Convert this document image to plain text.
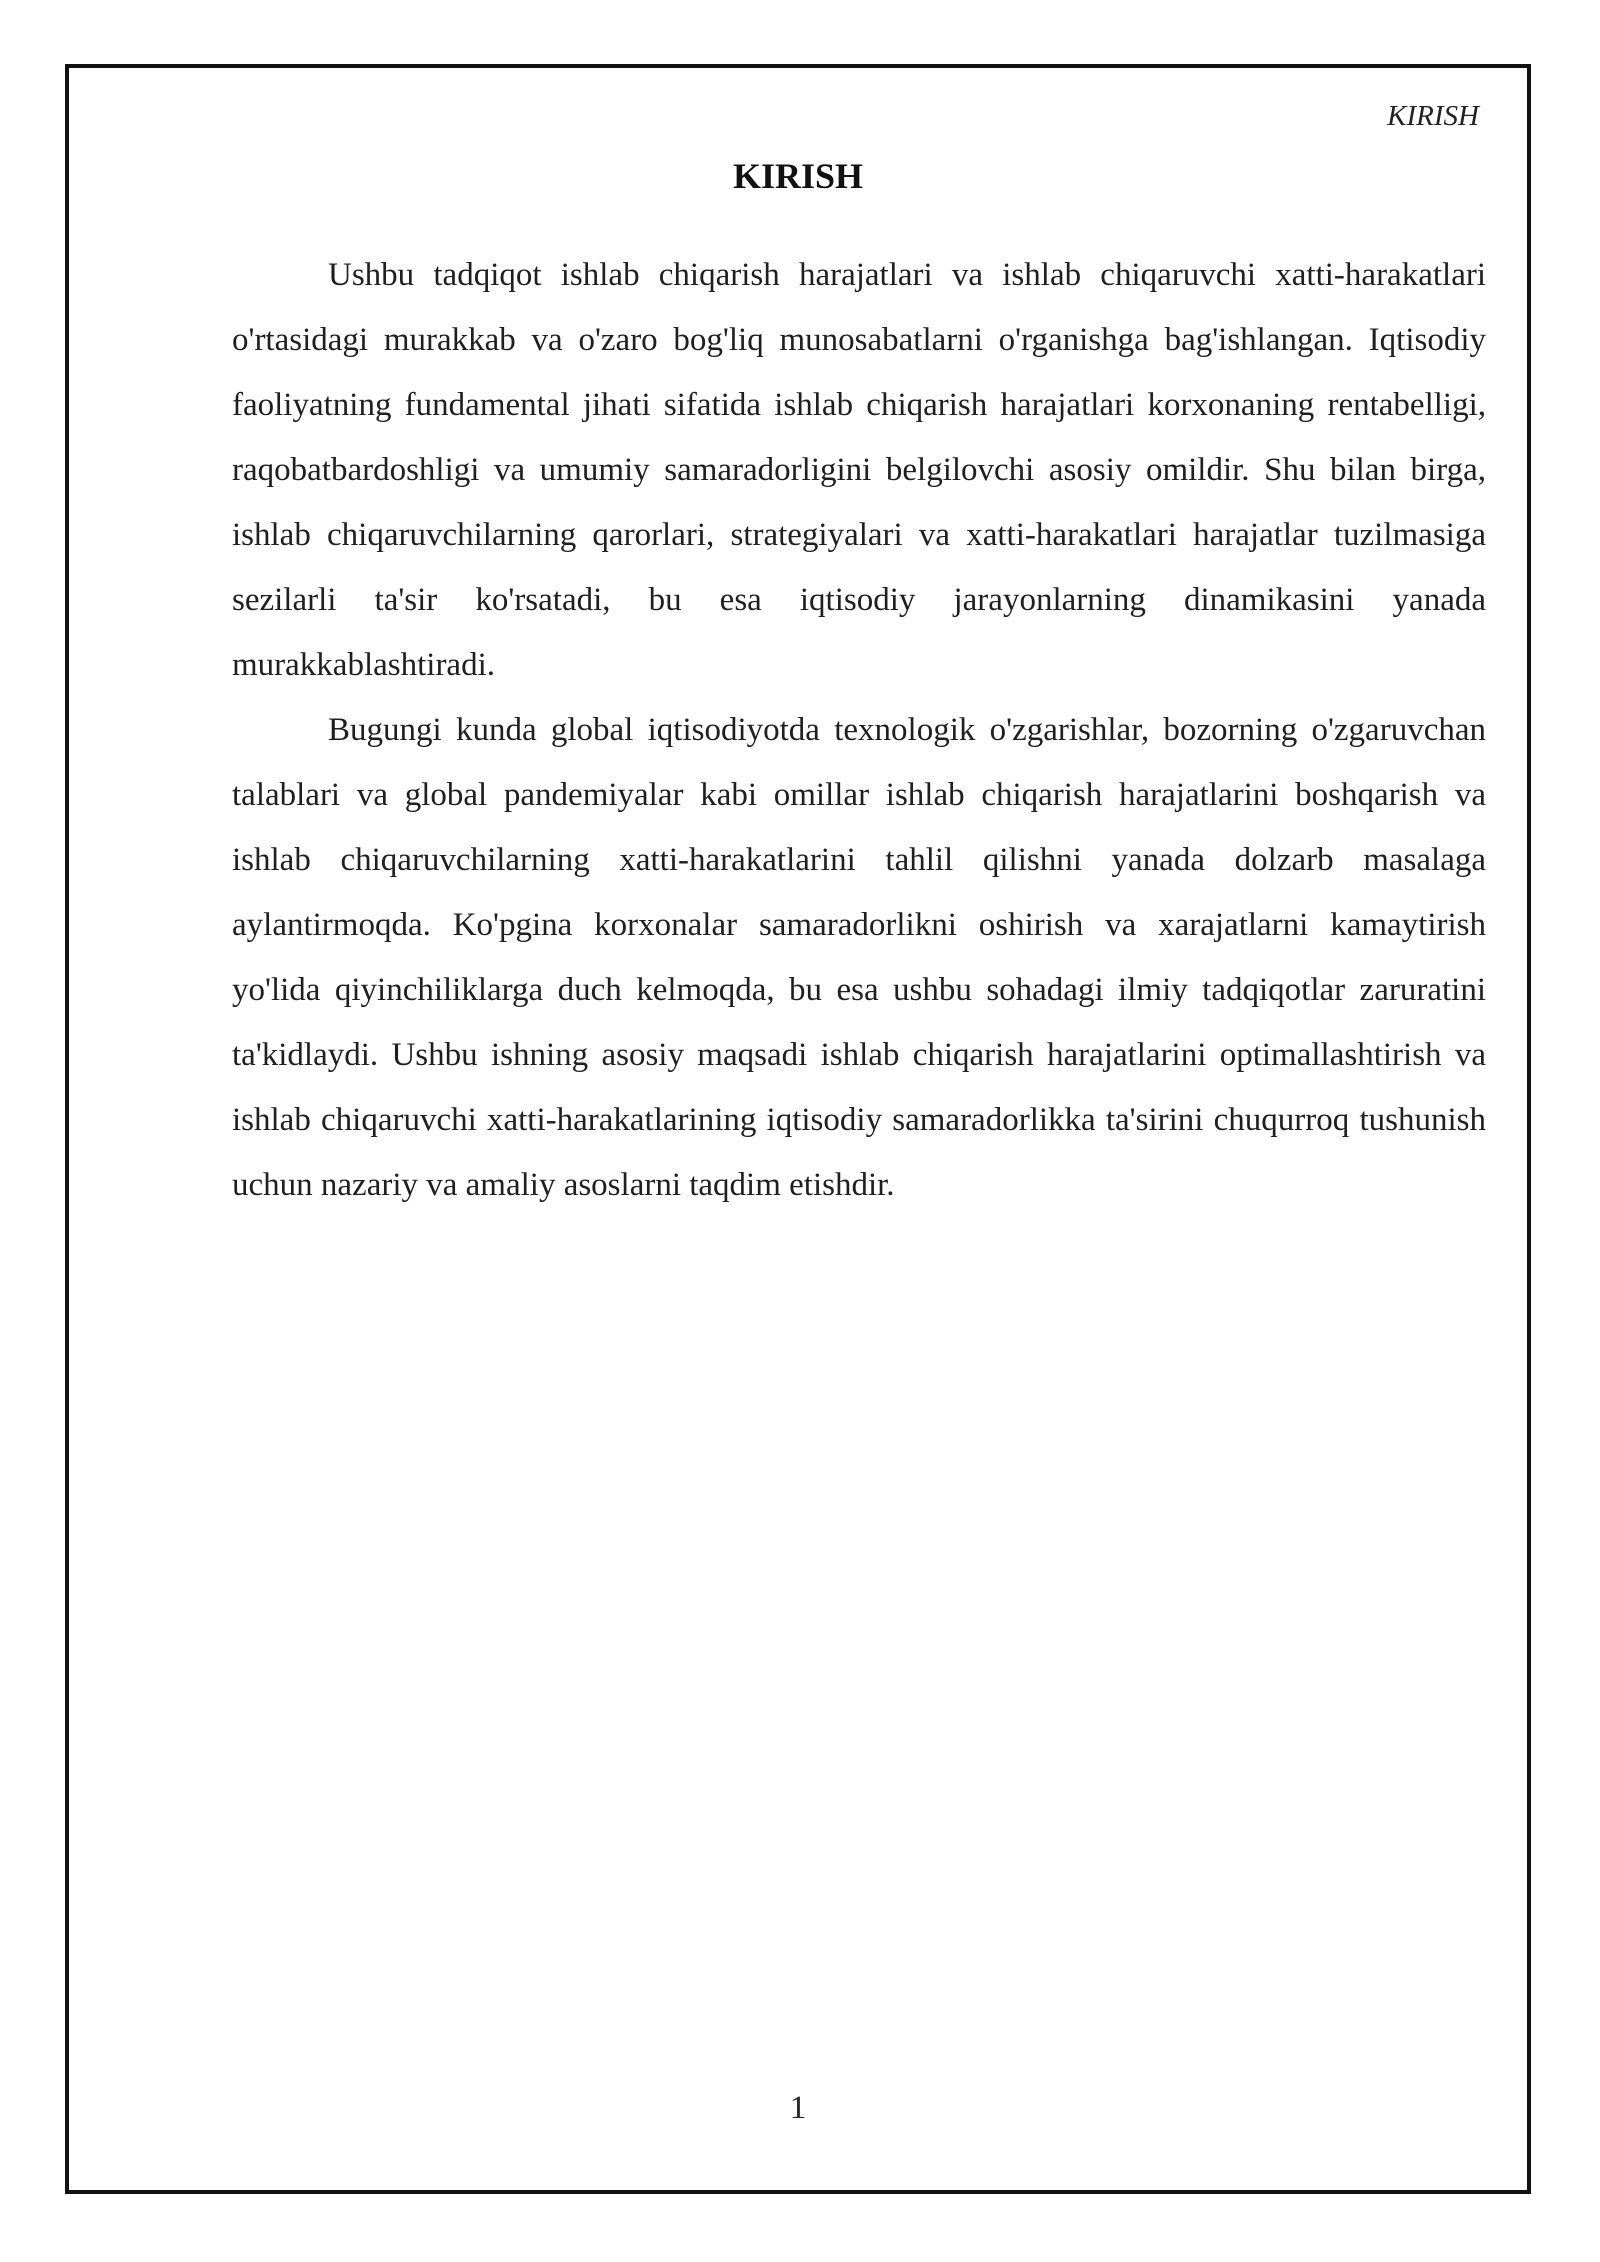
KIRISH
KIRISH

Ushbu tadqiqot ishlab chiqarish harajatlari va ishlab chiqaruvchi xatti-harakatlari o'rtasidagi murakkab va o'zaro bog'liq munosabatlarni o'rganishga bag'ishlangan. Iqtisodiy faoliyatning fundamental jihati sifatida ishlab chiqarish harajatlari korxonaning rentabelligi, raqobatbardoshligi va umumiy samaradorligini belgilovchi asosiy omildir. Shu bilan birga, ishlab chiqaruvchilarning qarorlari, strategiyalari va xatti-harakatlari harajatlar tuzilmasiga sezilarli ta'sir ko'rsatadi, bu esa iqtisodiy jarayonlarning dinamikasini yanada murakkablashtiradi.

Bugungi kunda global iqtisodiyotda texnologik o'zgarishlar, bozorning o'zgaruvchan talablari va global pandemiyalar kabi omillar ishlab chiqarish harajatlarini boshqarish va ishlab chiqaruvchilarning xatti-harakatlarini tahlil qilishni yanada dolzarb masalaga aylantirmoqda. Ko'pgina korxonalar samaradorlikni oshirish va xarajatlarni kamaytirish yo'lida qiyinchiliklarga duch kelmoqda, bu esa ushbu sohadagi ilmiy tadqiqotlar zaruratini ta'kidlaydi. Ushbu ishning asosiy maqsadi ishlab chiqarish harajatlarini optimallashtirish va ishlab chiqaruvchi xatti-harakatlarining iqtisodiy samaradorlikka ta'sirini chuqurroq tushunish uchun nazariy va amaliy asoslarni taqdim etishdir.

1
